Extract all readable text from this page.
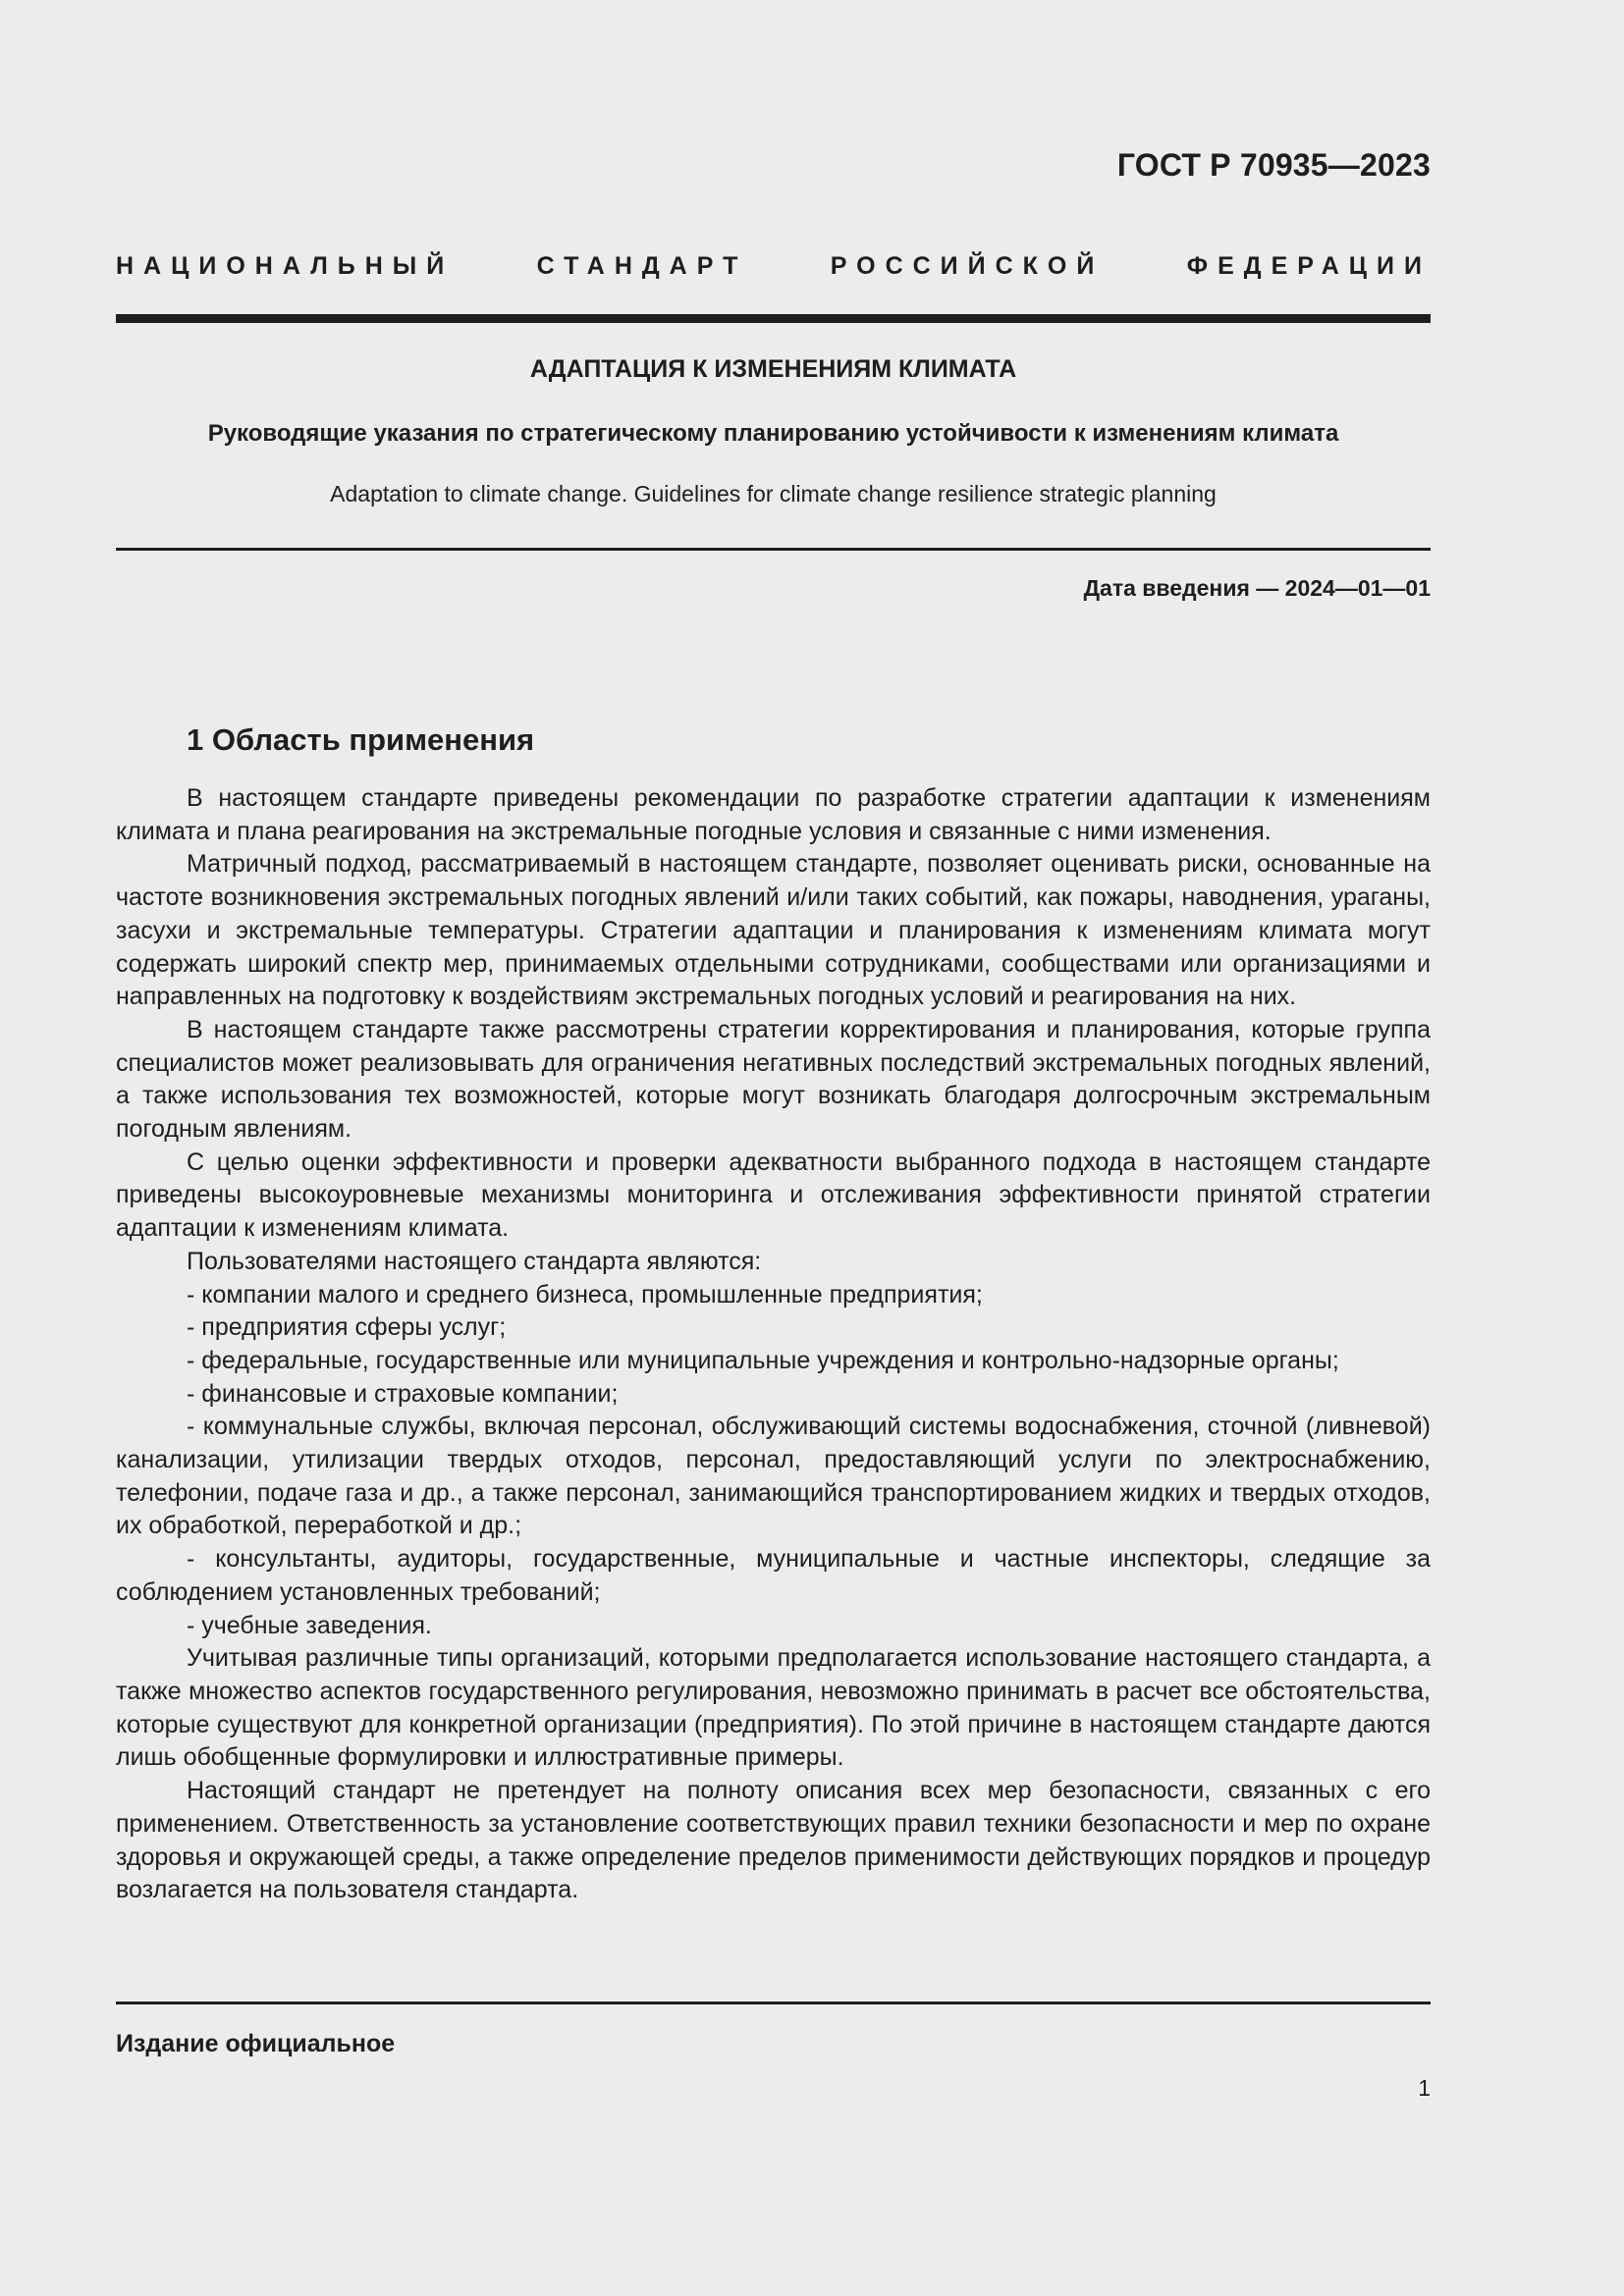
ГОСТ Р 70935—2023
НАЦИОНАЛЬНЫЙ СТАНДАРТ РОССИЙСКОЙ ФЕДЕРАЦИИ
АДАПТАЦИЯ К ИЗМЕНЕНИЯМ КЛИМАТА
Руководящие указания по стратегическому планированию устойчивости к изменениям климата
Adaptation to climate change. Guidelines for climate change resilience strategic planning
Дата введения — 2024—01—01
1 Область применения

В настоящем стандарте приведены рекомендации по разработке стратегии адаптации к изменениям климата и плана реагирования на экстремальные погодные условия и связанные с ними изменения.

Матричный подход, рассматриваемый в настоящем стандарте, позволяет оценивать риски, основанные на частоте возникновения экстремальных погодных явлений и/или таких событий, как пожары, наводнения, ураганы, засухи и экстремальные температуры. Стратегии адаптации и планирования к изменениям климата могут содержать широкий спектр мер, принимаемых отдельными сотрудниками, сообществами или организациями и направленных на подготовку к воздействиям экстремальных погодных условий и реагирования на них.

В настоящем стандарте также рассмотрены стратегии корректирования и планирования, которые группа специалистов может реализовывать для ограничения негативных последствий экстремальных погодных явлений, а также использования тех возможностей, которые могут возникать благодаря долгосрочным экстремальным погодным явлениям.

С целью оценки эффективности и проверки адекватности выбранного подхода в настоящем стандарте приведены высокоуровневые механизмы мониторинга и отслеживания эффективности принятой стратегии адаптации к изменениям климата.

Пользователями настоящего стандарта являются:

- компании малого и среднего бизнеса, промышленные предприятия;

- предприятия сферы услуг;

- федеральные, государственные или муниципальные учреждения и контрольно-надзорные органы;

- финансовые и страховые компании;

- коммунальные службы, включая персонал, обслуживающий системы водоснабжения, сточной (ливневой) канализации, утилизации твердых отходов, персонал, предоставляющий услуги по электроснабжению, телефонии, подаче газа и др., а также персонал, занимающийся транспортированием жидких и твердых отходов, их обработкой, переработкой и др.;

- консультанты, аудиторы, государственные, муниципальные и частные инспекторы, следящие за соблюдением установленных требований;

- учебные заведения.

Учитывая различные типы организаций, которыми предполагается использование настоящего стандарта, а также множество аспектов государственного регулирования, невозможно принимать в расчет все обстоятельства, которые существуют для конкретной организации (предприятия). По этой причине в настоящем стандарте даются лишь обобщенные формулировки и иллюстративные примеры.

Настоящий стандарт не претендует на полноту описания всех мер безопасности, связанных с его применением. Ответственность за установление соответствующих правил техники безопасности и мер по охране здоровья и окружающей среды, а также определение пределов применимости действующих порядков и процедур возлагается на пользователя стандарта.

Издание официальное
1
